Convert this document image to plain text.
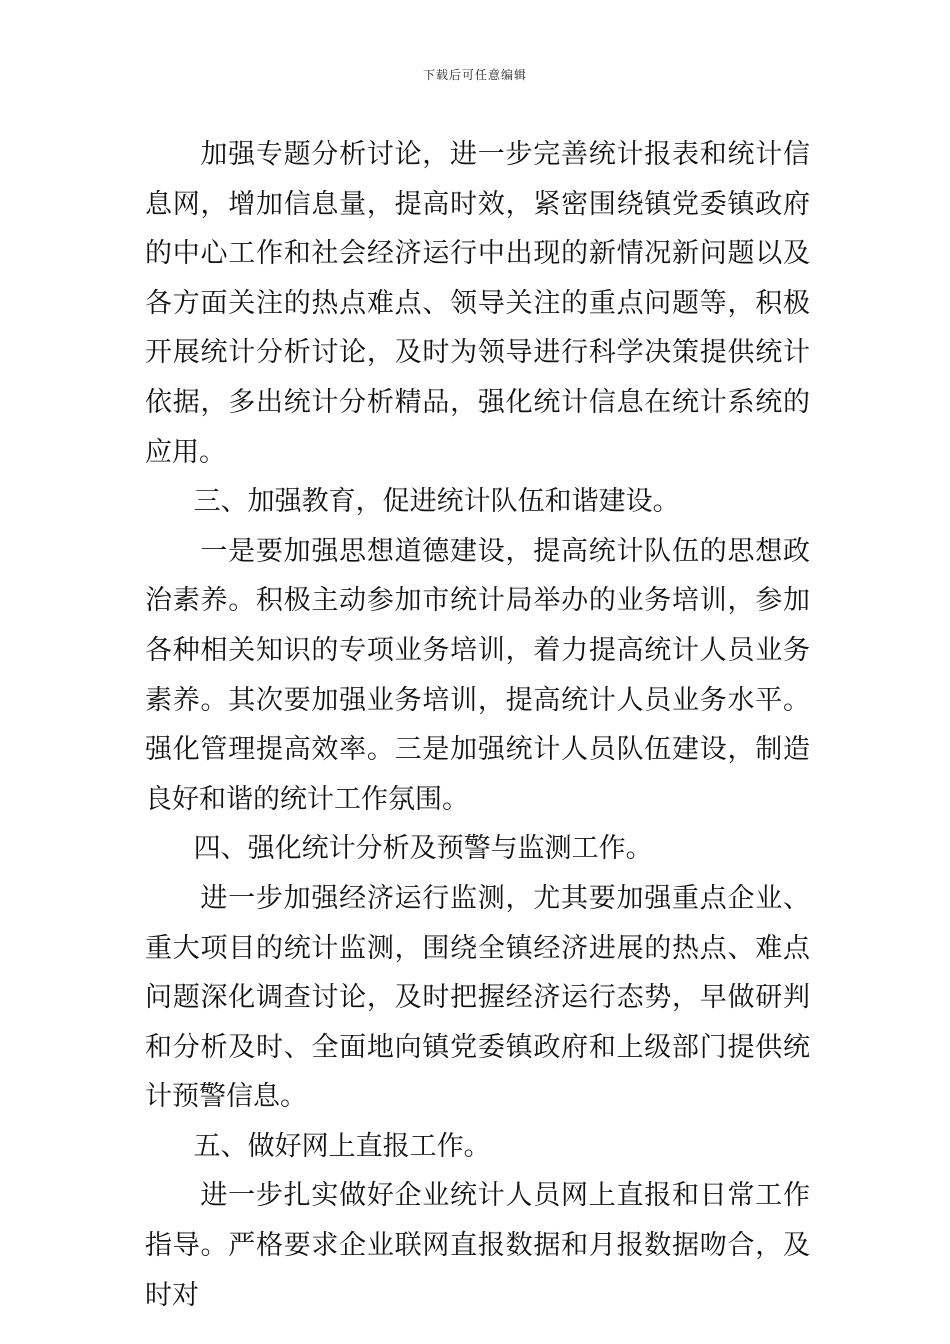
下载后可任意编辑

加强专题分析讨论，进一步完善统计报表和统计信息网，增加信息量，提高时效，紧密围绕镇党委镇政府的中心工作和社会经济运行中出现的新情况新问题以及各方面关注的热点难点、领导关注的重点问题等，积极开展统计分析讨论，及时为领导进行科学决策提供统计依据，多出统计分析精品，强化统计信息在统计系统的应用。

三、加强教育，促进统计队伍和谐建设。

一是要加强思想道德建设，提高统计队伍的思想政治素养。积极主动参加市统计局举办的业务培训，参加各种相关知识的专项业务培训，着力提高统计人员业务素养。其次要加强业务培训，提高统计人员业务水平。强化管理提高效率。三是加强统计人员队伍建设，制造良好和谐的统计工作氛围。

四、强化统计分析及预警与监测工作。

进一步加强经济运行监测，尤其要加强重点企业、重大项目的统计监测，围绕全镇经济进展的热点、难点问题深化调查讨论，及时把握经济运行态势，早做研判和分析及时、全面地向镇党委镇政府和上级部门提供统计预警信息。

五、做好网上直报工作。

进一步扎实做好企业统计人员网上直报和日常工作指导。严格要求企业联网直报数据和月报数据吻合，及时对
